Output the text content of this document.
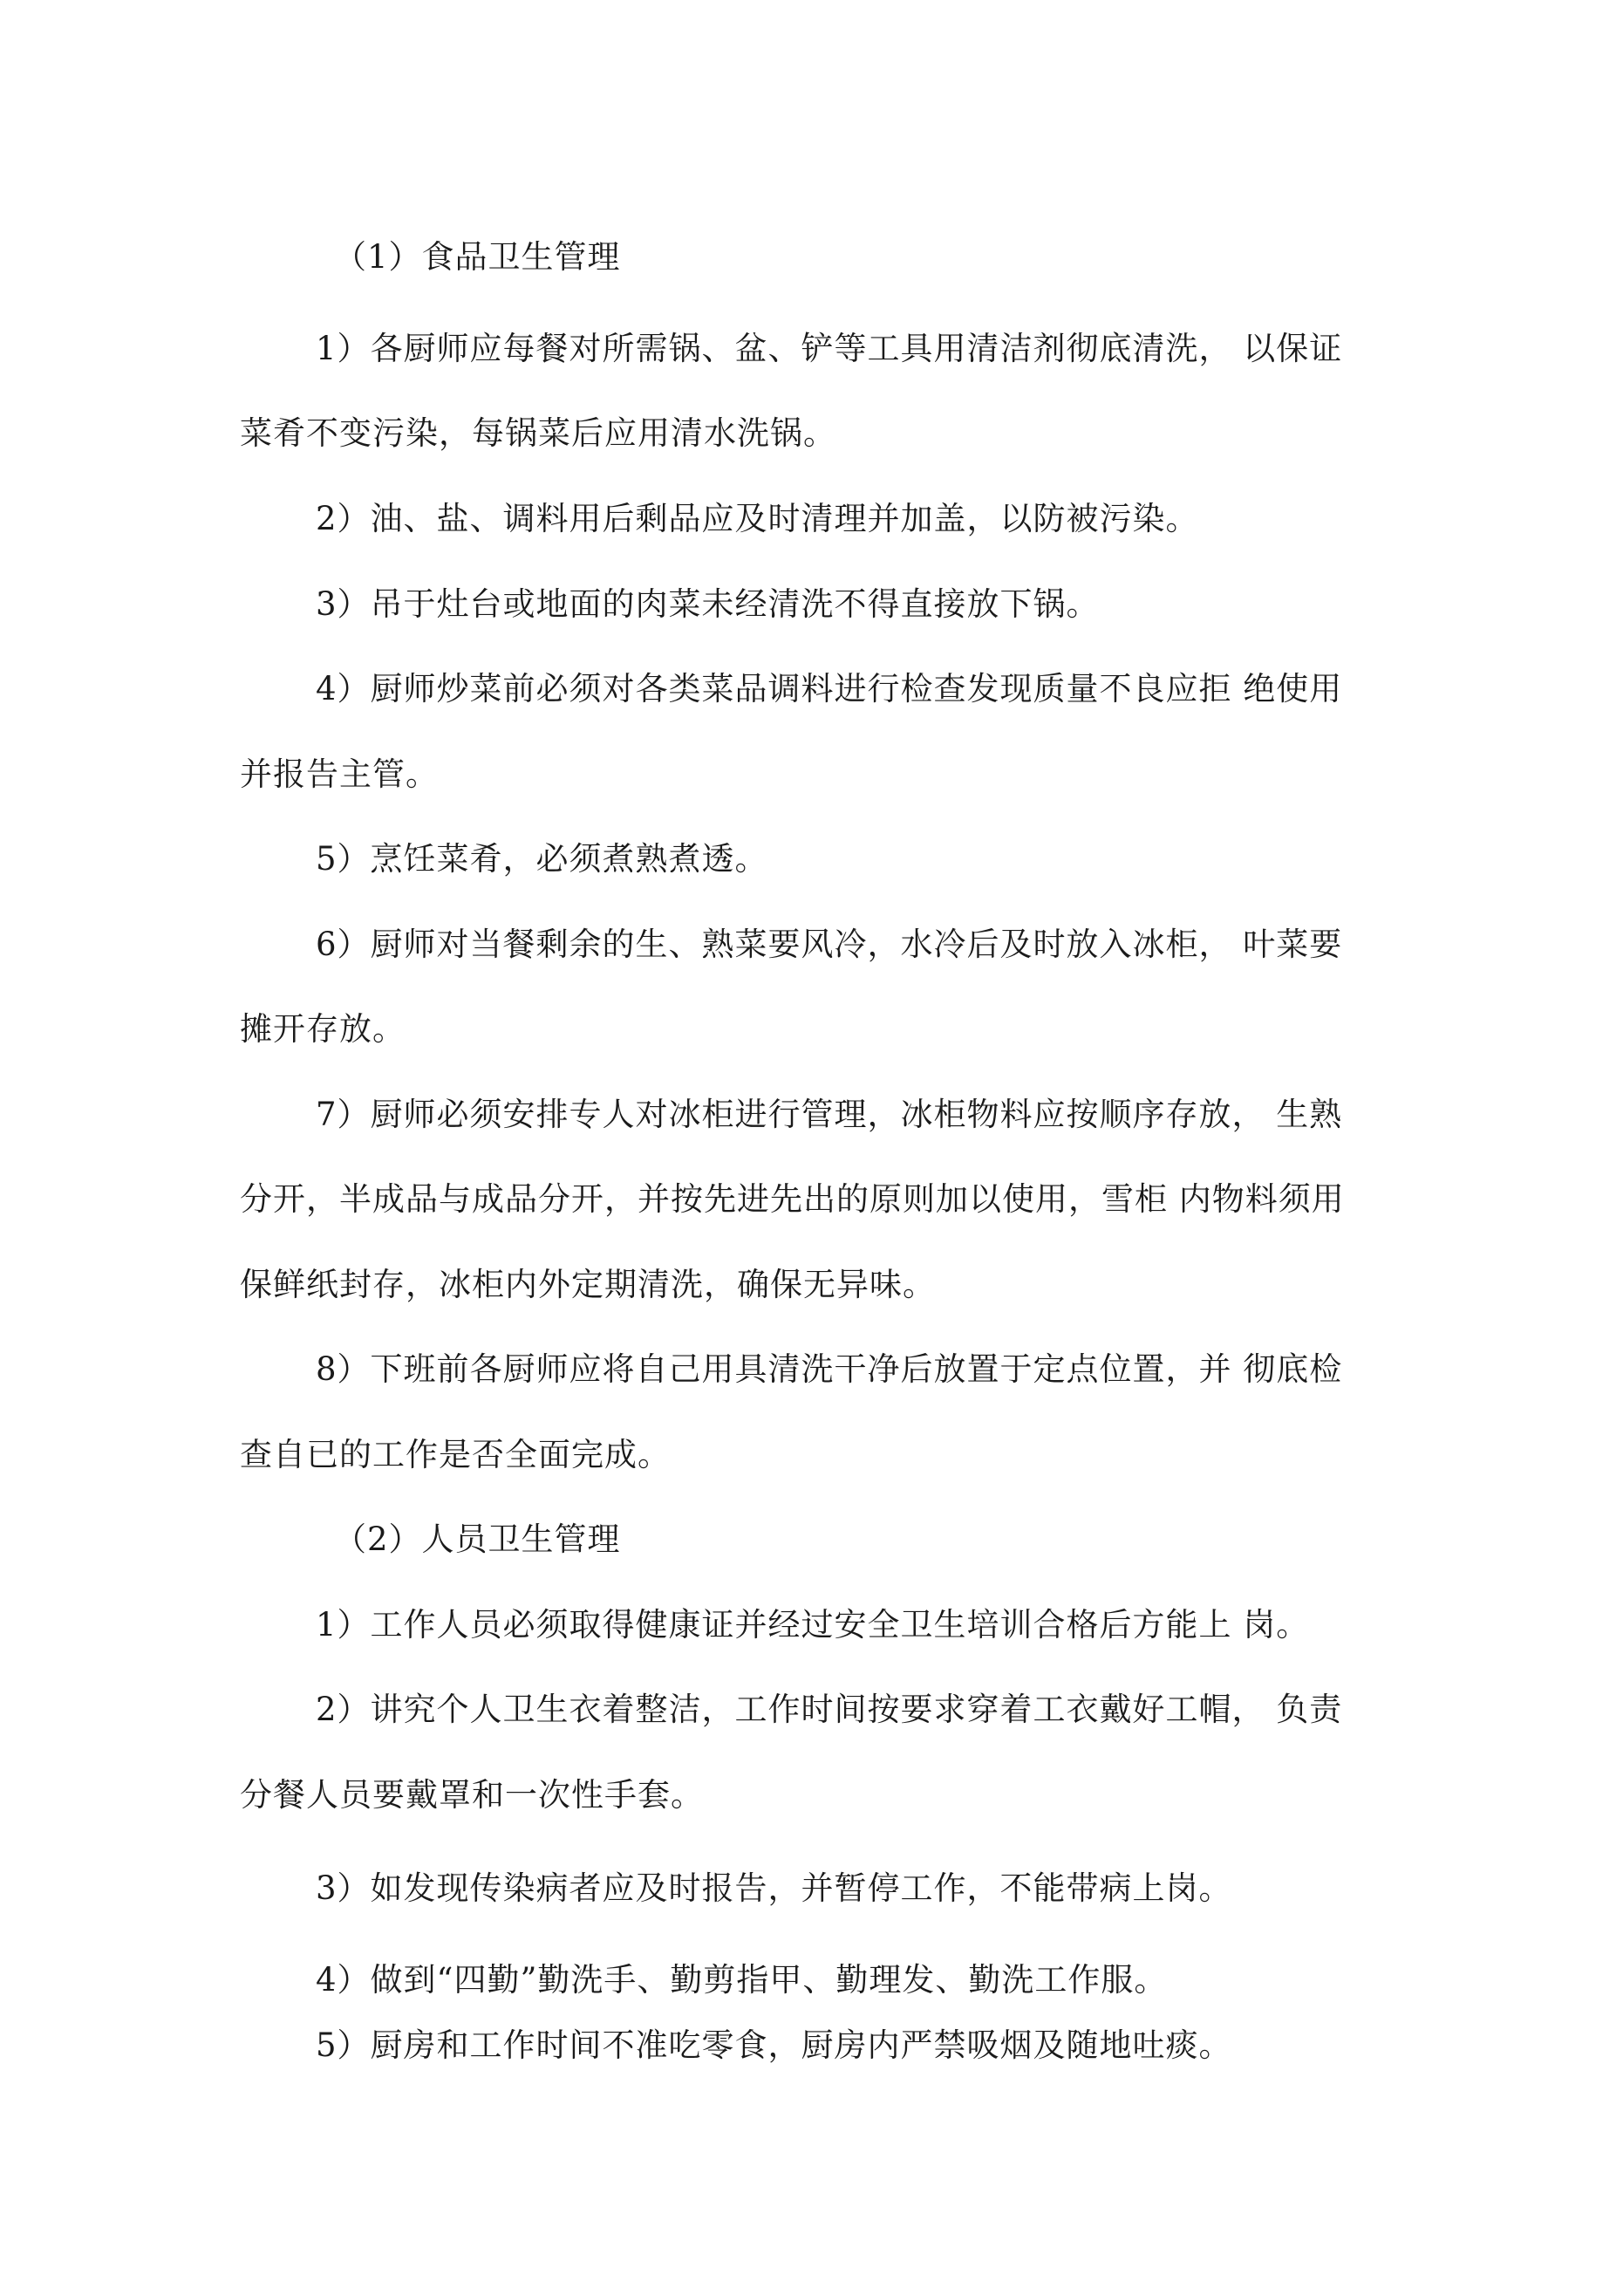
（1）食品卫生管理
1）各厨师应每餐对所需锅、盆、铲等工具用清洁剂彻底清洗， 以保证
菜肴不变污染，每锅菜后应用清水洗锅。
2）油、盐、调料用后剩品应及时清理并加盖，以防被污染。
3）吊于灶台或地面的肉菜未经清洗不得直接放下锅。
4）厨师炒菜前必须对各类菜品调料进行检查发现质量不良应拒 绝使用
并报告主管。
5）烹饪菜肴，必须煮熟煮透。
6）厨师对当餐剩余的生、熟菜要风冷，水冷后及时放入冰柜， 叶菜要
摊开存放。
7）厨师必须安排专人对冰柜进行管理，冰柜物料应按顺序存放， 生熟
分开，半成品与成品分开，并按先进先出的原则加以使用，雪柜 内物料须用
保鲜纸封存，冰柜内外定期清洗，确保无异味。
8）下班前各厨师应将自己用具清洗干净后放置于定点位置，并 彻底检
查自已的工作是否全面完成。
（2）人员卫生管理
1）工作人员必须取得健康证并经过安全卫生培训合格后方能上 岗。
2）讲究个人卫生衣着整洁，工作时间按要求穿着工衣戴好工帽， 负责
分餐人员要戴罩和一次性手套。
3）如发现传染病者应及时报告，并暂停工作，不能带病上岗。
4）做到“四勤”勤洗手、勤剪指甲、勤理发、勤洗工作服。
5）厨房和工作时间不准吃零食，厨房内严禁吸烟及随地吐痰。
